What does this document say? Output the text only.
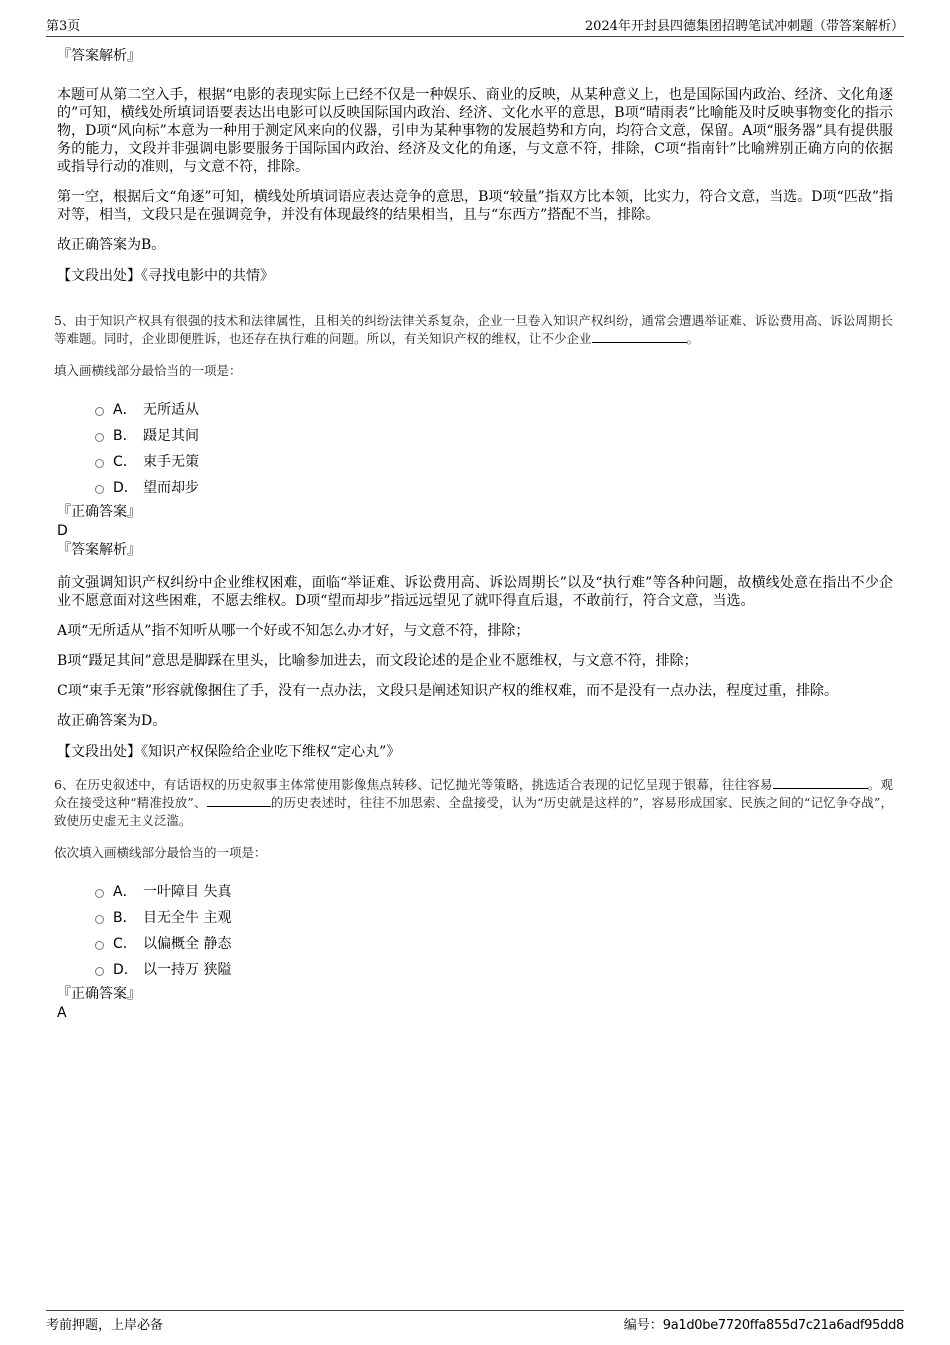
第3页	2024年开封县四德集团招聘笔试冲刺题（带答案解析）

『答案解析』

本题可从第二空入手，根据“电影的表现实际上已经不仅是一种娱乐、商业的反映，从某种意义上，也是国际国内政治、经济、文化角逐的”可知，横线处所填词语要表达出电影可以反映国际国内政治、经济、文化水平的意思，B项“晴雨表”比喻能及时反映事物变化的指示物，D项“风向标”本意为一种用于测定风来向的仪器，引申为某种事物的发展趋势和方向，均符合文意，保留。A项“服务器”具有提供服务的能力，文段并非强调电影要服务于国际国内政治、经济及文化的角逐，与文意不符，排除，C项“指南针”比喻辨别正确方向的依据或指导行动的准则，与文意不符，排除。

第一空，根据后文“角逐”可知，横线处所填词语应表达竞争的意思，B项“较量”指双方比本领，比实力，符合文意，当选。D项“匹敌”指对等，相当，文段只是在强调竞争，并没有体现最终的结果相当，且与“东西方”搭配不当，排除。

故正确答案为B。

【文段出处】《寻找电影中的共情》

5、由于知识产权具有很强的技术和法律属性，且相关的纠纷法律关系复杂，企业一旦卷入知识产权纠纷，通常会遭遇举证难、诉讼费用高、诉讼周期长等难题。同时，企业即便胜诉，也还存在执行难的问题。所以，有关知识产权的维权，让不少企业	。

填入画横线部分最恰当的一项是：

A． 无所适从
B． 蹑足其间
C． 束手无策
D． 望而却步

『正确答案』

D

『答案解析』

前文强调知识产权纠纷中企业维权困难，面临“举证难、诉讼费用高、诉讼周期长”以及“执行难”等各种问题，故横线处意在指出不少企业不愿意面对这些困难，不愿去维权。D项“望而却步”指远远望见了就吓得直后退，不敢前行，符合文意，当选。

A项“无所适从”指不知听从哪一个好或不知怎么办才好，与文意不符，排除；

B项“蹑足其间”意思是脚踩在里头，比喻参加进去，而文段论述的是企业不愿维权，与文意不符，排除；

C项“束手无策”形容就像捆住了手，没有一点办法，文段只是阐述知识产权的维权难，而不是没有一点办法，程度过重，排除。

故正确答案为D。

【文段出处】《知识产权保险给企业吃下维权“定心丸”》

6、在历史叙述中，有话语权的历史叙事主体常使用影像焦点转移、记忆抛光等策略，挑选适合表现的记忆呈现于银幕，往往容易	。观众在接受这种“精准投放”、	的历史表述时，往往不加思索、全盘接受，认为“历史就是这样的”，容易形成国家、民族之间的“记忆争夺战”，致使历史虚无主义泛滥。

依次填入画横线部分最恰当的一项是：

A． 一叶障目 失真
B． 目无全牛 主观
C． 以偏概全 静态
D． 以一持万 狭隘

『正确答案』

A

考前押题，上岸必备	编号：9a1d0be7720ffa855d7c21a6adf95dd8
